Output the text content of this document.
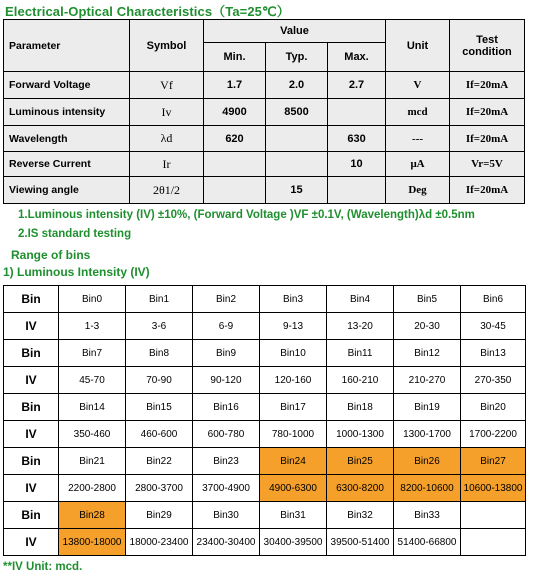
Electrical-Optical Characteristics（Ta=25℃）
Parameter	Symbol	Value			Unit	Test
condition

		Min.	Typ.	Max.		
Forward Voltage	Vf	1.7	2.0	2.7	V	If=20mA
Luminous intensity	Iv	4900	8500		mcd	If=20mA
Wavelength	λd	620		630	---	If=20mA
Reverse Current	Ir			10	μA	Vr=5V
Viewing angle	2θ1/2		15		Deg	If=20mA
1.Luminous intensity (IV) ±10%, (Forward Voltage )VF ±0.1V, (Wavelength)λd ±0.5nm
2.IS standard testing
Range of bins
1) Luminous Intensity (IV)
Bin	Bin0	Bin1	Bin2	Bin3	Bin4	Bin5	Bin6
IV	1-3	3-6	6-9	9-13	13-20	20-30	30-45
Bin	Bin7	Bin8	Bin9	Bin10	Bin11	Bin12	Bin13
IV	45-70	70-90	90-120	120-160	160-210	210-270	270-350
Bin	Bin14	Bin15	Bin16	Bin17	Bin18	Bin19	Bin20
IV	350-460	460-600	600-780	780-1000	1000-1300	1300-1700	1700-2200
Bin	Bin21	Bin22	Bin23	Bin24	Bin25	Bin26	Bin27
IV	2200-2800	2800-3700	3700-4900	4900-6300	6300-8200	8200-10600	10600-13800
Bin	Bin28	Bin29	Bin30	Bin31	Bin32	Bin33	
IV	13800-18000	18000-23400	23400-30400	30400-39500	39500-51400	51400-66800	
**IV Unit: mcd.
